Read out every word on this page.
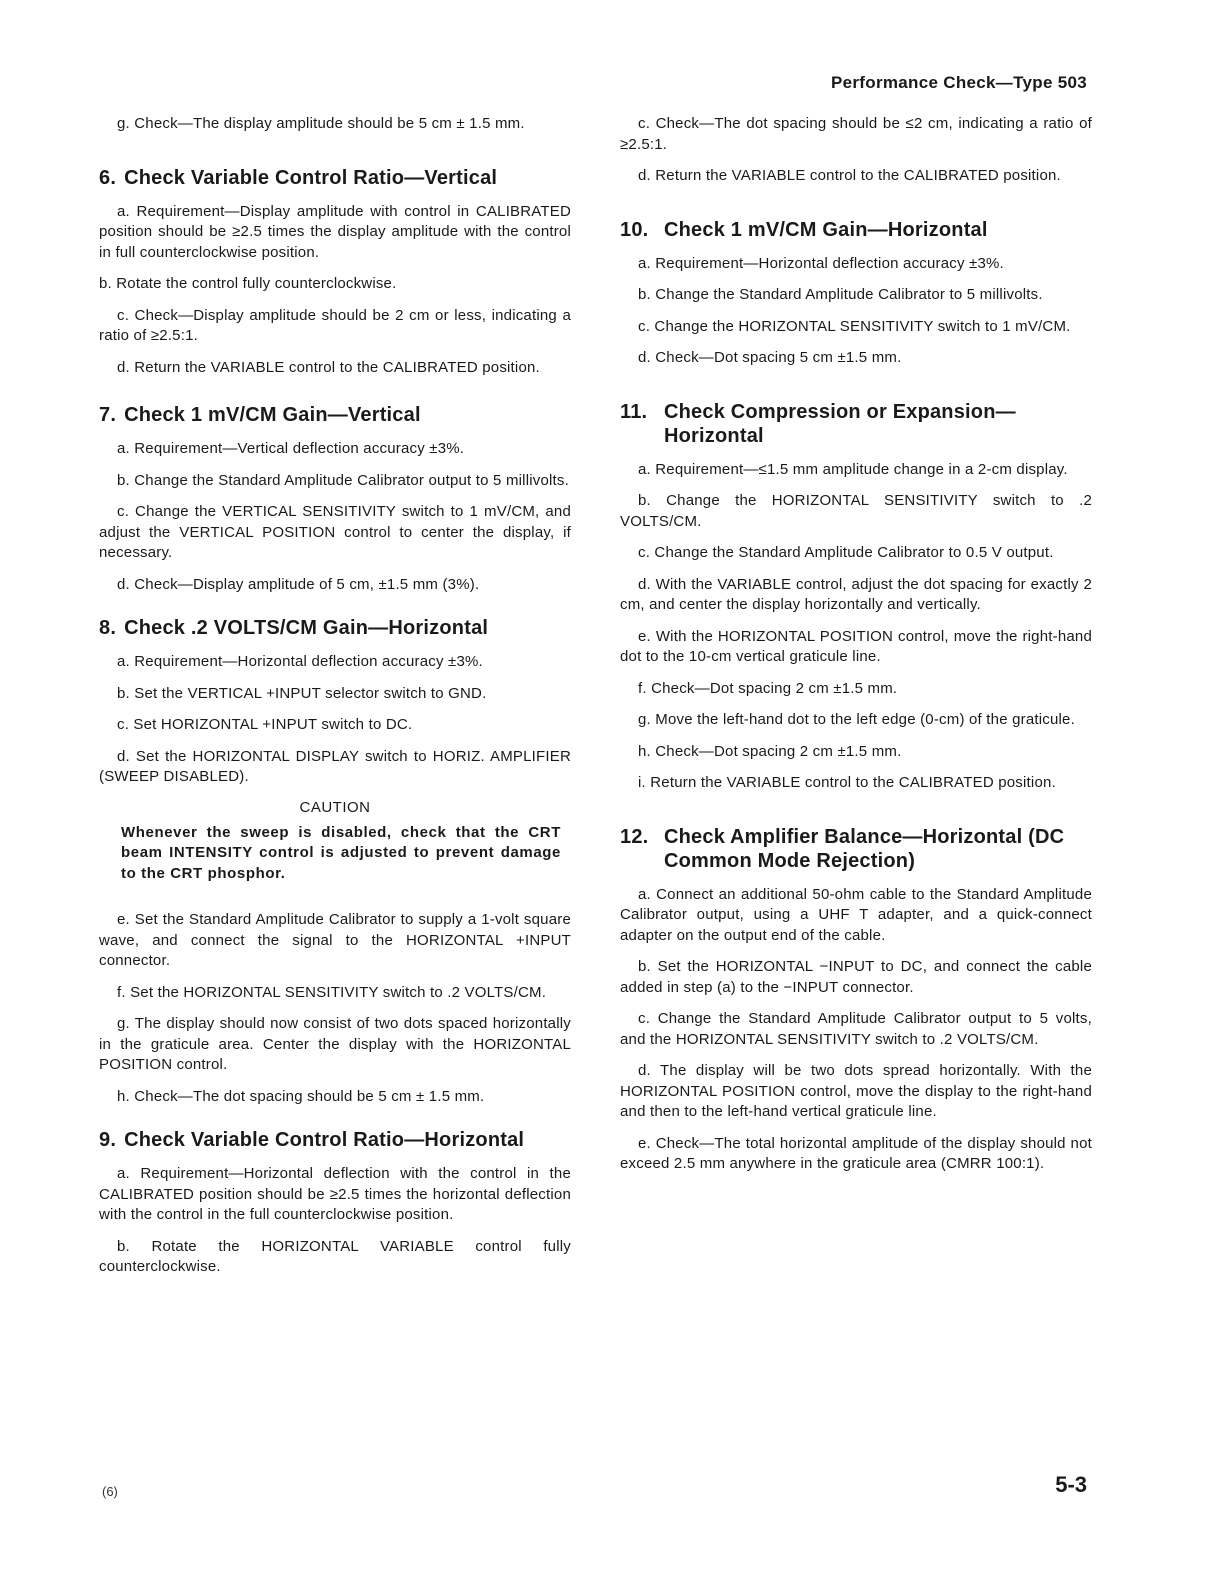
Performance Check—Type 503

g. Check—The display amplitude should be 5 cm ± 1.5 mm.

6. Check Variable Control Ratio—Vertical

a. Requirement—Display amplitude with control in CALIBRATED position should be ≥2.5 times the display amplitude with the control in full counterclockwise position.

b. Rotate the control fully counterclockwise.

c. Check—Display amplitude should be 2 cm or less, indicating a ratio of ≥2.5:1.

d. Return the VARIABLE control to the CALIBRATED position.

7. Check 1 mV/CM Gain—Vertical

a. Requirement—Vertical deflection accuracy ±3%.

b. Change the Standard Amplitude Calibrator output to 5 millivolts.

c. Change the VERTICAL SENSITIVITY switch to 1 mV/CM, and adjust the VERTICAL POSITION control to center the display, if necessary.

d. Check—Display amplitude of 5 cm, ±1.5 mm (3%).

8. Check .2 VOLTS/CM Gain—Horizontal

a. Requirement—Horizontal deflection accuracy ±3%.

b. Set the VERTICAL +INPUT selector switch to GND.

c. Set HORIZONTAL +INPUT switch to DC.

d. Set the HORIZONTAL DISPLAY switch to HORIZ. AMPLIFIER (SWEEP DISABLED).

CAUTION
Whenever the sweep is disabled, check that the CRT beam INTENSITY control is adjusted to prevent damage to the CRT phosphor.

e. Set the Standard Amplitude Calibrator to supply a 1-volt square wave, and connect the signal to the HORIZONTAL +INPUT connector.

f. Set the HORIZONTAL SENSITIVITY switch to .2 VOLTS/CM.

g. The display should now consist of two dots spaced horizontally in the graticule area. Center the display with the HORIZONTAL POSITION control.

h. Check—The dot spacing should be 5 cm ± 1.5 mm.

9. Check Variable Control Ratio—Horizontal

a. Requirement—Horizontal deflection with the control in the CALIBRATED position should be ≥2.5 times the horizontal deflection with the control in the full counterclockwise position.

b. Rotate the HORIZONTAL VARIABLE control fully counterclockwise.

c. Check—The dot spacing should be ≤2 cm, indicating a ratio of ≥2.5:1.

d. Return the VARIABLE control to the CALIBRATED position.

10. Check 1 mV/CM Gain—Horizontal

a. Requirement—Horizontal deflection accuracy ±3%.

b. Change the Standard Amplitude Calibrator to 5 millivolts.

c. Change the HORIZONTAL SENSITIVITY switch to 1 mV/CM.

d. Check—Dot spacing 5 cm ±1.5 mm.

11. Check Compression or Expansion— Horizontal

a. Requirement—≤1.5 mm amplitude change in a 2-cm display.

b. Change the HORIZONTAL SENSITIVITY switch to .2 VOLTS/CM.

c. Change the Standard Amplitude Calibrator to 0.5 V output.

d. With the VARIABLE control, adjust the dot spacing for exactly 2 cm, and center the display horizontally and vertically.

e. With the HORIZONTAL POSITION control, move the right-hand dot to the 10-cm vertical graticule line.

f. Check—Dot spacing 2 cm ±1.5 mm.

g. Move the left-hand dot to the left edge (0-cm) of the graticule.

h. Check—Dot spacing 2 cm ±1.5 mm.

i. Return the VARIABLE control to the CALIBRATED position.

12. Check Amplifier Balance—Horizontal (DC Common Mode Rejection)

a. Connect an additional 50-ohm cable to the Standard Amplitude Calibrator output, using a UHF T adapter, and a quick-connect adapter on the output end of the cable.

b. Set the HORIZONTAL −INPUT to DC, and connect the cable added in step (a) to the −INPUT connector.

c. Change the Standard Amplitude Calibrator output to 5 volts, and the HORIZONTAL SENSITIVITY switch to .2 VOLTS/CM.

d. The display will be two dots spread horizontally. With the HORIZONTAL POSITION control, move the display to the right-hand and then to the left-hand vertical graticule line.

e. Check—The total horizontal amplitude of the display should not exceed 2.5 mm anywhere in the graticule area (CMRR 100:1).

(6)	5-3
